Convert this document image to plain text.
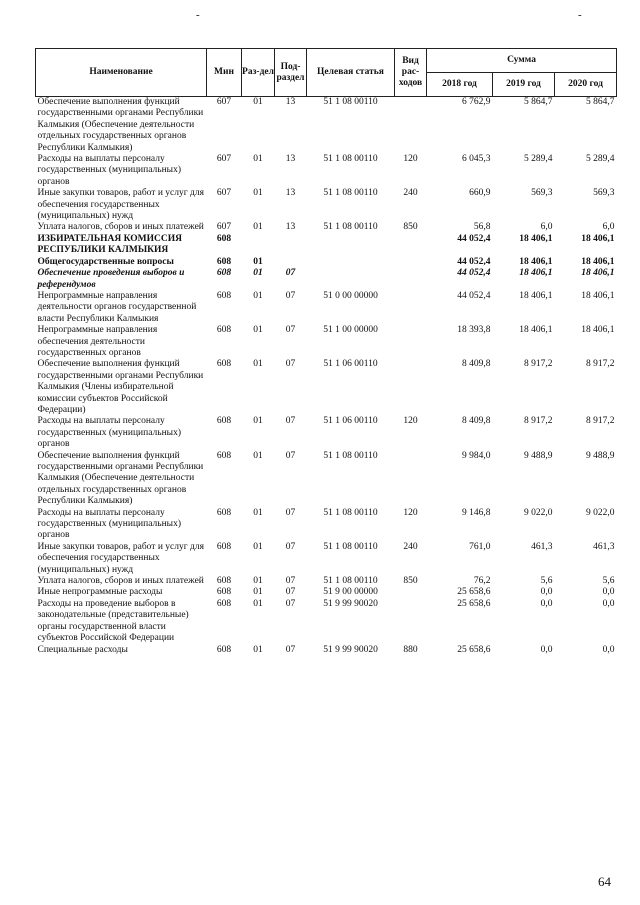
-	-
Наименование	Мин	Раз-дел	Под-раздел	Целевая статья	Вид рас-ходов	Сумма		
						2018 год	2019 год	2020 год
Обеспечение выполнения функций государственными органами Республики Калмыкия (Обеспечение деятельности отдельных государственных органов Республики Калмыкия)	607	01	13	51 1 08 00110		6 762,9	5 864,7	5 864,7
Расходы на выплаты персоналу государственных (муниципальных) органов	607	01	13	51 1 08 00110	120	6 045,3	5 289,4	5 289,4
Иные закупки товаров, работ и услуг для обеспечения государственных (муниципальных) нужд	607	01	13	51 1 08 00110	240	660,9	569,3	569,3
Уплата налогов, сборов и иных платежей	607	01	13	51 1 08 00110	850	56,8	6,0	6,0
ИЗБИРАТЕЛЬНАЯ КОМИССИЯ РЕСПУБЛИКИ КАЛМЫКИЯ	608					44 052,4	18 406,1	18 406,1
Общегосударственные вопросы	608	01				44 052,4	18 406,1	18 406,1
Обеспечение проведения выборов и референдумов	608	01	07			44 052,4	18 406,1	18 406,1
Непрограммные направления деятельности органов государственной власти Республики Калмыкия	608	01	07	51 0 00 00000		44 052,4	18 406,1	18 406,1
Непрограммные направления обеспечения деятельности государственных органов	608	01	07	51 1 00 00000		18 393,8	18 406,1	18 406,1
Обеспечение выполнения функций государственными органами Республики Калмыкия (Члены избирательной комиссии субъектов Российской Федерации)	608	01	07	51 1 06 00110		8 409,8	8 917,2	8 917,2
Расходы на выплаты персоналу государственных (муниципальных) органов	608	01	07	51 1 06 00110	120	8 409,8	8 917,2	8 917,2
Обеспечение выполнения функций государственными органами Республики Калмыкия (Обеспечение деятельности отдельных государственных органов Республики Калмыкия)	608	01	07	51 1 08 00110		9 984,0	9 488,9	9 488,9
Расходы на выплаты персоналу государственных (муниципальных) органов	608	01	07	51 1 08 00110	120	9 146,8	9 022,0	9 022,0
Иные закупки товаров, работ и услуг для обеспечения государственных (муниципальных) нужд	608	01	07	51 1 08 00110	240	761,0	461,3	461,3
Уплата налогов, сборов и иных платежей	608	01	07	51 1 08 00110	850	76,2	5,6	5,6
Иные непрограммные расходы	608	01	07	51 9 00 00000		25 658,6	0,0	0,0
Расходы на проведение выборов в законодательные (представительные) органы государственной власти субъектов Российской Федерации	608	01	07	51 9 99 90020		25 658,6	0,0	0,0
Специальные расходы	608	01	07	51 9 99 90020	880	25 658,6	0,0	0,0
64
